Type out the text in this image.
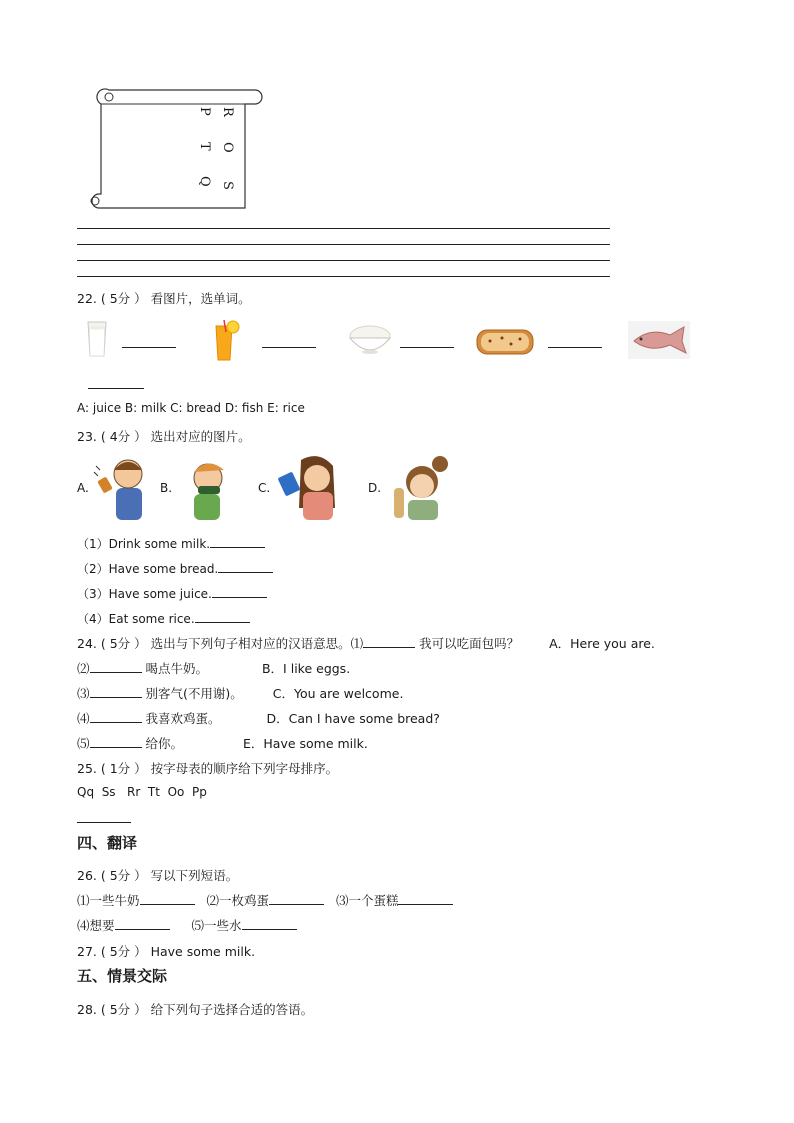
R
O
S
P
T
Q
22. ( 5分 ） 看图片，选单词。
A: juice B: milk C: bread D: fish E: rice
23. ( 4分 ） 选出对应的图片。
A.	B.	C.	D.
（1）Drink some milk.
（2）Have some bread.
（3）Have some juice.
（4）Eat some rice.
24. ( 5分 ） 选出与下列句子相对应的汉语意思。⑴	我可以吃面包吗？ A．Here you are.
⑵	喝点牛奶。	B．I like eggs.
⑶	别客气(不用谢)。 C．You are welcome.
⑷	我喜欢鸡蛋。	D．Can I have some bread?
⑸	给你。	E．Have some milk.
25. ( 1分 ） 按字母表的顺序给下列字母排序。
Qq  Ss   Rr  Tt  Oo  Pp
四、翻译
26. ( 5分 ） 写以下列短语。
⑴一些牛奶	⑵一枚鸡蛋	⑶一个蛋糕
⑷想要	⑸一些水
27. ( 5分 ） Have some milk.
五、情景交际
28. ( 5分 ） 给下列句子选择合适的答语。
